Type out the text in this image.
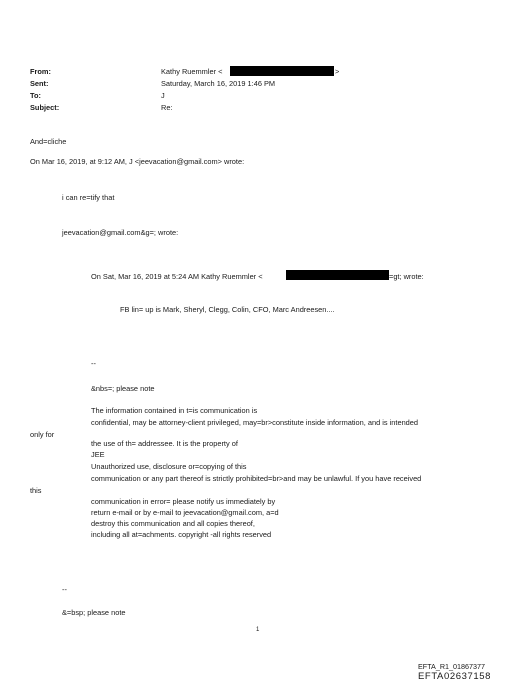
From:
Sent:
To:
Subject:
Kathy Ruemmler <	>
Saturday, March 16, 2019 1:46 PM
J
Re:
And=cliche
On Mar 16, 2019, at 9:12 AM, J <jeevacation@gmail.com> wrote:
i can re=tify that
jeevacation@gmail.com&g=; wrote:
On Sat, Mar 16, 2019 at 5:24 AM Kathy Ruemmler <	=gt; wrote:
FB lin= up is Mark, Sheryl, Clegg, Colin, CFO, Marc Andreesen....
--
&nbs=; please note
The information contained in t=is communication is
confidential, may be attorney-client privileged, may=br>constitute inside information, and is intended
only for
the use of th= addressee. It is the property of
JEE
Unauthorized use, disclosure or=copying of this
communication or any part thereof is strictly prohibited=br>and may be unlawful. If you have received
this
communication in error= please notify us immediately by
return e-mail or by e-mail to jeevacation@gmail.com, a=d
destroy this communication and all copies thereof,
including all at=achments. copyright -all rights reserved
--
&=bsp; please note
1
EFTA_R1_01867377
EFTA02637158
